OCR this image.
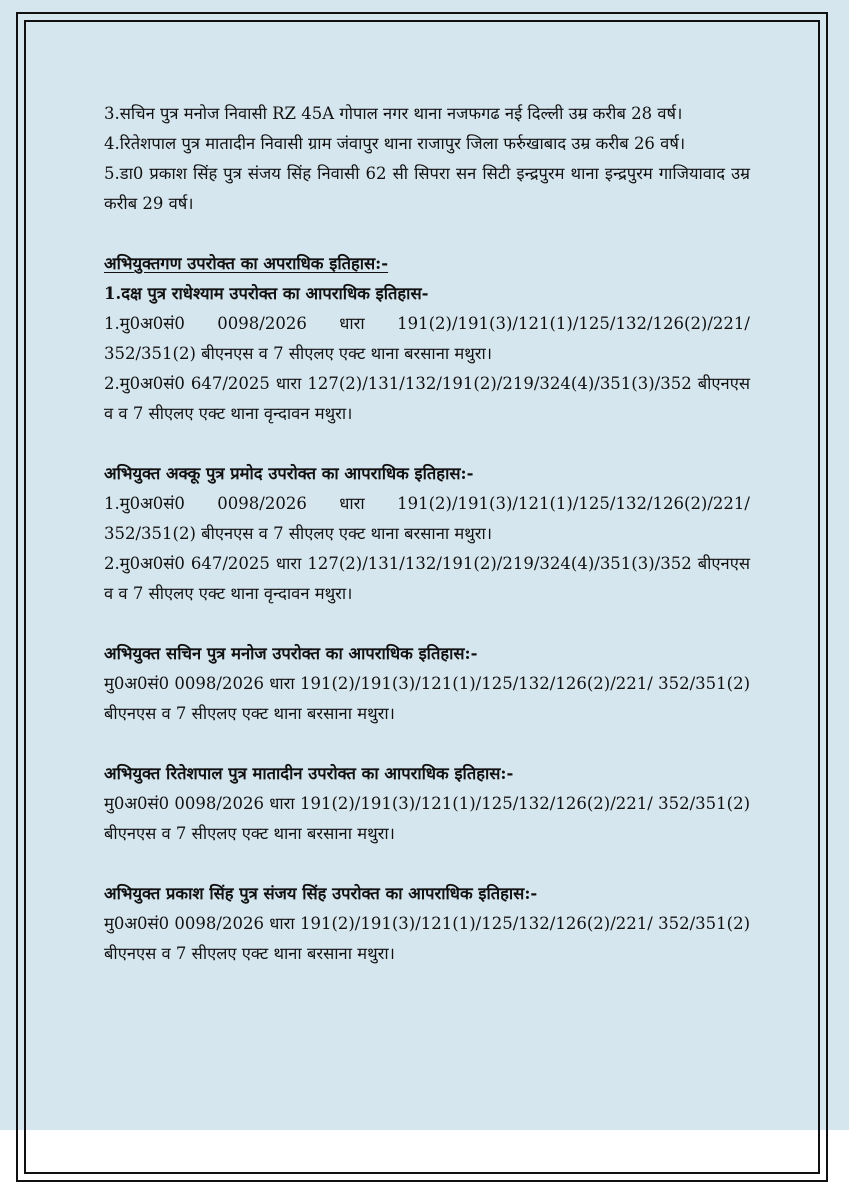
3.सचिन पुत्र मनोज निवासी RZ 45A गोपाल नगर थाना नजफगढ नई दिल्ली उम्र करीब 28 वर्ष।

4.रितेशपाल पुत्र मातादीन निवासी ग्राम जंवापुर थाना राजापुर जिला फर्रुखाबाद उम्र करीब 26 वर्ष।

5.डा0 प्रकाश सिंह पुत्र संजय सिंह निवासी 62 सी सिपरा सन सिटी इन्द्रपुरम थाना इन्द्रपुरम गाजियावाद उम्र करीब 29 वर्ष।

अभियुक्तगण उपरोक्त का अपराधिक इतिहास:-

1.दक्ष पुत्र राधेश्याम उपरोक्त का आपराधिक इतिहास-

1.मु0अ0सं0 0098/2026 धारा 191(2)/191(3)/121(1)/125/132/126(2)/221/ 352/351(2) बीएनएस व 7 सीएलए एक्ट थाना बरसाना मथुरा।

2.मु0अ0सं0 647/2025 धारा 127(2)/131/132/191(2)/219/324(4)/351(3)/352 बीएनएस व व 7 सीएलए एक्ट थाना वृन्दावन मथुरा।

अभियुक्त अक्कू पुत्र प्रमोद उपरोक्त का आपराधिक इतिहास:-

1.मु0अ0सं0 0098/2026 धारा 191(2)/191(3)/121(1)/125/132/126(2)/221/ 352/351(2) बीएनएस व 7 सीएलए एक्ट थाना बरसाना मथुरा।

2.मु0अ0सं0 647/2025 धारा 127(2)/131/132/191(2)/219/324(4)/351(3)/352 बीएनएस व व 7 सीएलए एक्ट थाना वृन्दावन मथुरा।

अभियुक्त सचिन पुत्र मनोज उपरोक्त का आपराधिक इतिहास:-

मु0अ0सं0 0098/2026 धारा 191(2)/191(3)/121(1)/125/132/126(2)/221/ 352/351(2) बीएनएस व 7 सीएलए एक्ट थाना बरसाना मथुरा।

अभियुक्त रितेशपाल पुत्र मातादीन उपरोक्त का आपराधिक इतिहास:-

मु0अ0सं0 0098/2026 धारा 191(2)/191(3)/121(1)/125/132/126(2)/221/ 352/351(2) बीएनएस व 7 सीएलए एक्ट थाना बरसाना मथुरा।

अभियुक्त प्रकाश सिंह पुत्र संजय सिंह उपरोक्त का आपराधिक इतिहास:-

मु0अ0सं0 0098/2026 धारा 191(2)/191(3)/121(1)/125/132/126(2)/221/ 352/351(2) बीएनएस व 7 सीएलए एक्ट थाना बरसाना मथुरा।
